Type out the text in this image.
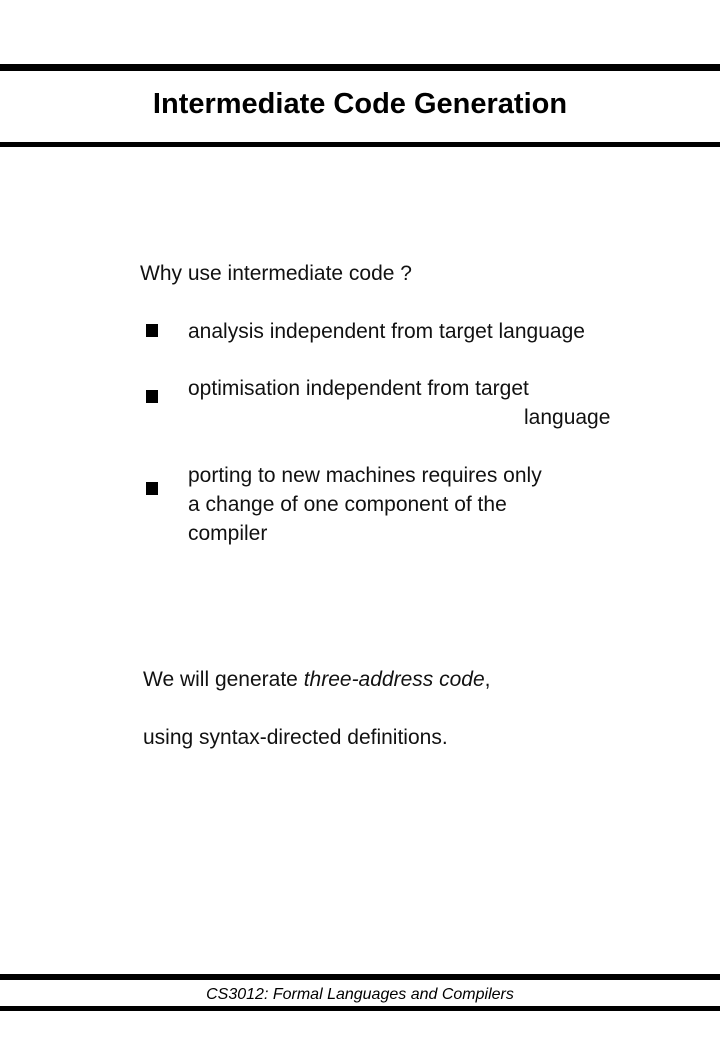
Intermediate Code Generation
Why use intermediate code ?
analysis independent from target language
optimisation independent from target
language
porting to new machines requires only
a change of one component of the
compiler
We will generate three-address code,
using syntax-directed definitions.
CS3012: Formal Languages and Compilers
